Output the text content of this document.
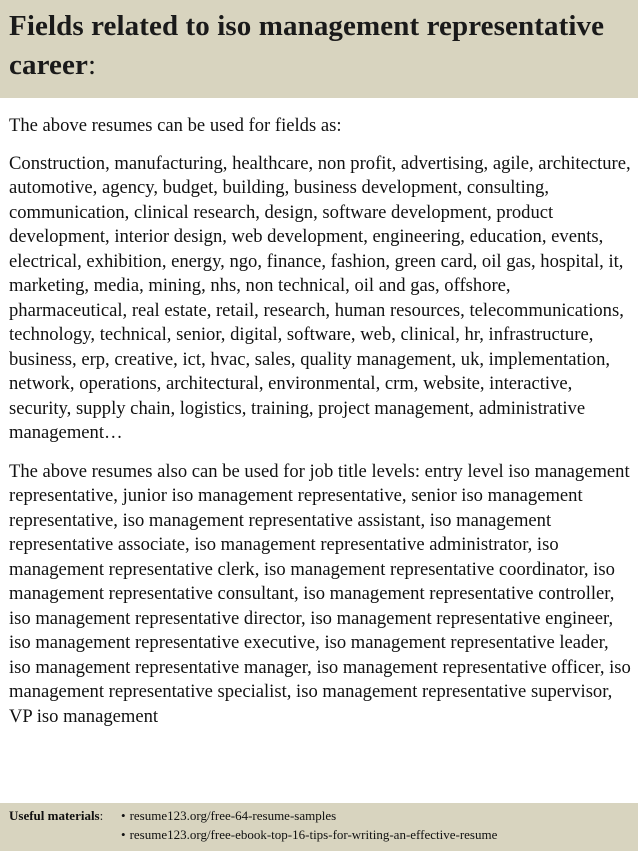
Fields related to iso management representative career:

The above resumes can be used for fields as:

Construction, manufacturing, healthcare, non profit, advertising, agile, architecture, automotive, agency, budget, building, business development, consulting, communication, clinical research, design, software development, product development, interior design, web development, engineering, education, events, electrical, exhibition, energy, ngo, finance, fashion, green card, oil gas, hospital, it, marketing, media, mining, nhs, non technical, oil and gas, offshore, pharmaceutical, real estate, retail, research, human resources, telecommunications, technology, technical, senior, digital, software, web, clinical, hr, infrastructure, business, erp, creative, ict, hvac, sales, quality management, uk, implementation, network, operations, architectural, environmental, crm, website, interactive, security, supply chain, logistics, training, project management, administrative management…

The above resumes also can be used for job title levels: entry level iso management representative, junior iso management representative, senior iso management representative, iso management representative assistant, iso management representative associate, iso management representative administrator, iso management representative clerk, iso management representative coordinator, iso management representative consultant, iso management representative controller, iso management representative director, iso management representative engineer, iso management representative executive, iso management representative leader, iso management representative manager, iso management representative officer, iso management representative specialist, iso management representative supervisor, VP iso management

Useful materials:	• resume123.org/free-64-resume-samples
• resume123.org/free-ebook-top-16-tips-for-writing-an-effective-resume
